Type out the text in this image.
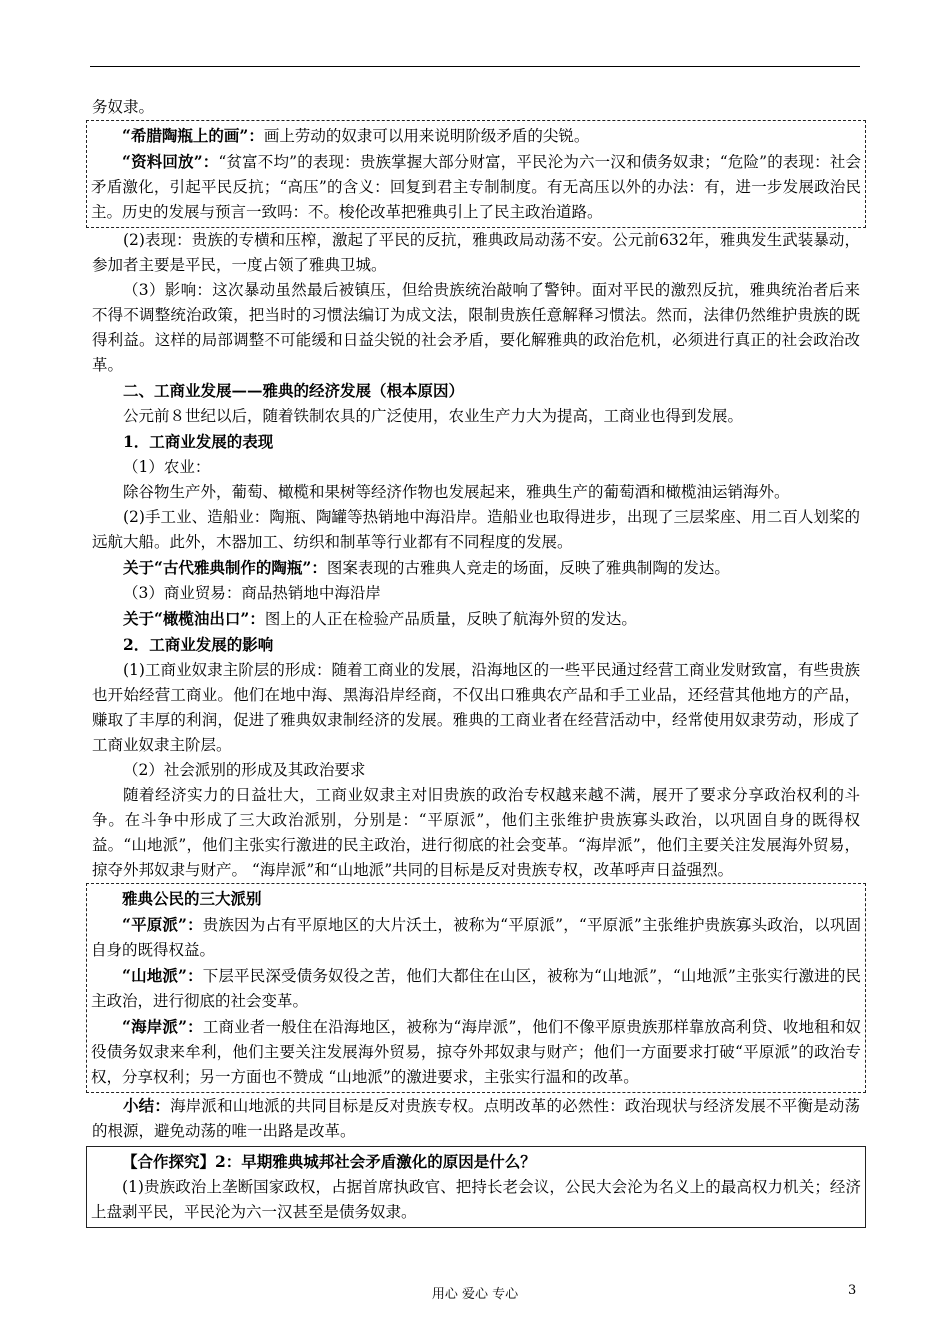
务奴隶。

“希腊陶瓶上的画”：画上劳动的奴隶可以用来说明阶级矛盾的尖锐。

“资料回放”：“贫富不均”的表现：贵族掌握大部分财富，平民沦为六一汉和债务奴隶；“危险”的表现：社会矛盾激化，引起平民反抗；“高压”的含义：回复到君主专制制度。有无高压以外的办法：有，进一步发展政治民主。历史的发展与预言一致吗：不。梭伦改革把雅典引上了民主政治道路。

(2)表现：贵族的专横和压榨，激起了平民的反抗，雅典政局动荡不安。公元前632年，雅典发生武装暴动，参加者主要是平民，一度占领了雅典卫城。

（3）影响：这次暴动虽然最后被镇压，但给贵族统治敲响了警钟。面对平民的激烈反抗，雅典统治者后来不得不调整统治政策，把当时的习惯法编订为成文法，限制贵族任意解释习惯法。然而，法律仍然维护贵族的既得利益。这样的局部调整不可能缓和日益尖锐的社会矛盾，要化解雅典的政治危机，必须进行真正的社会政治改革。

二、工商业发展——雅典的经济发展（根本原因）

公元前８世纪以后，随着铁制农具的广泛使用，农业生产力大为提高，工商业也得到发展。

1．工商业发展的表现

（1）农业：

除谷物生产外，葡萄、橄榄和果树等经济作物也发展起来，雅典生产的葡萄酒和橄榄油运销海外。

(2)手工业、造船业：陶瓶、陶罐等热销地中海沿岸。造船业也取得进步，出现了三层桨座、用二百人划桨的远航大船。此外，木器加工、纺织和制革等行业都有不同程度的发展。

关于“古代雅典制作的陶瓶”：图案表现的古雅典人竞走的场面，反映了雅典制陶的发达。

（3）商业贸易：商品热销地中海沿岸

关于“橄榄油出口”：图上的人正在检验产品质量，反映了航海外贸的发达。

2．工商业发展的影响

(1)工商业奴隶主阶层的形成：随着工商业的发展，沿海地区的一些平民通过经营工商业发财致富，有些贵族也开始经营工商业。他们在地中海、黑海沿岸经商，不仅出口雅典农产品和手工业品，还经营其他地方的产品，赚取了丰厚的利润，促进了雅典奴隶制经济的发展。雅典的工商业者在经营活动中，经常使用奴隶劳动，形成了工商业奴隶主阶层。

（2）社会派别的形成及其政治要求

随着经济实力的日益壮大，工商业奴隶主对旧贵族的政治专权越来越不满，展开了要求分享政治权利的斗争。在斗争中形成了三大政治派别，分别是：“平原派”，他们主张维护贵族寡头政治，以巩固自身的既得权益。“山地派”，他们主张实行激进的民主政治，进行彻底的社会变革。“海岸派”，他们主要关注发展海外贸易，掠夺外邦奴隶与财产。 “海岸派”和“山地派”共同的目标是反对贵族专权，改革呼声日益强烈。

雅典公民的三大派别

“平原派”：贵族因为占有平原地区的大片沃土，被称为“平原派”，“平原派”主张维护贵族寡头政治，以巩固自身的既得权益。

“山地派”：下层平民深受债务奴役之苦，他们大都住在山区，被称为“山地派”，“山地派”主张实行激进的民主政治，进行彻底的社会变革。

“海岸派”：工商业者一般住在沿海地区，被称为“海岸派”，他们不像平原贵族那样靠放高利贷、收地租和奴役债务奴隶来牟利，他们主要关注发展海外贸易，掠夺外邦奴隶与财产；他们一方面要求打破“平原派”的政治专权，分享权利；另一方面也不赞成 “山地派”的激进要求，主张实行温和的改革。

小结：海岸派和山地派的共同目标是反对贵族专权。点明改革的必然性：政治现状与经济发展不平衡是动荡的根源，避免动荡的唯一出路是改革。

【合作探究】2：早期雅典城邦社会矛盾激化的原因是什么？

(1)贵族政治上垄断国家政权，占据首席执政官、把持长老会议，公民大会沦为名义上的最高权力机关；经济上盘剥平民，平民沦为六一汉甚至是债务奴隶。

用心 爱心 专心	3
